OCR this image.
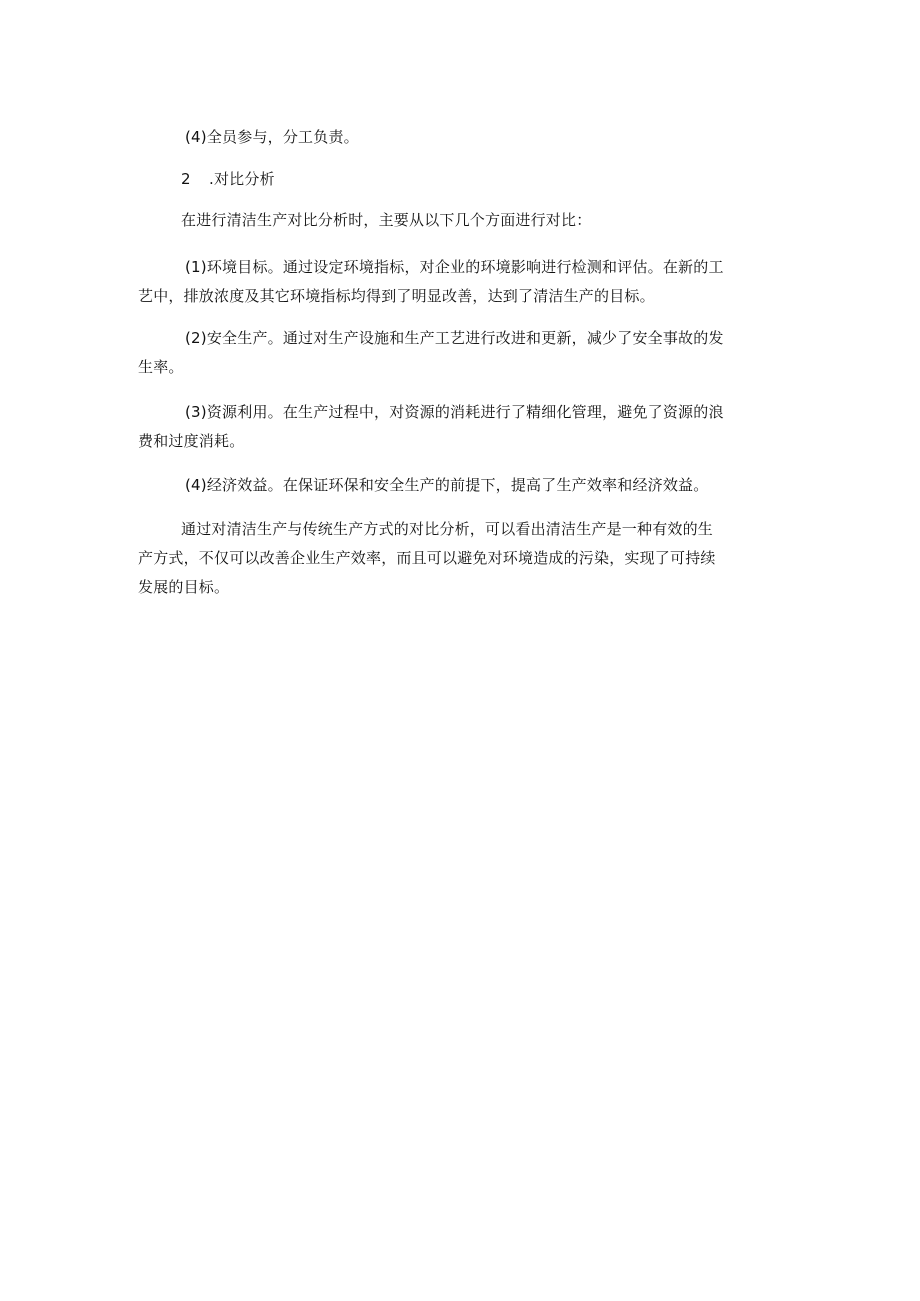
(4)全员参与，分工负责。
2 .对比分析
在进行清洁生产对比分析时，主要从以下几个方面进行对比：
(1)环境目标。通过设定环境指标，对企业的环境影响进行检测和评估。在新的工
艺中，排放浓度及其它环境指标均得到了明显改善，达到了清洁生产的目标。
(2)安全生产。通过对生产设施和生产工艺进行改进和更新，减少了安全事故的发
生率。
(3)资源利用。在生产过程中，对资源的消耗进行了精细化管理，避免了资源的浪
费和过度消耗。
(4)经济效益。在保证环保和安全生产的前提下，提高了生产效率和经济效益。
通过对清洁生产与传统生产方式的对比分析，可以看出清洁生产是一种有效的生
产方式，不仅可以改善企业生产效率，而且可以避免对环境造成的污染，实现了可持续
发展的目标。
